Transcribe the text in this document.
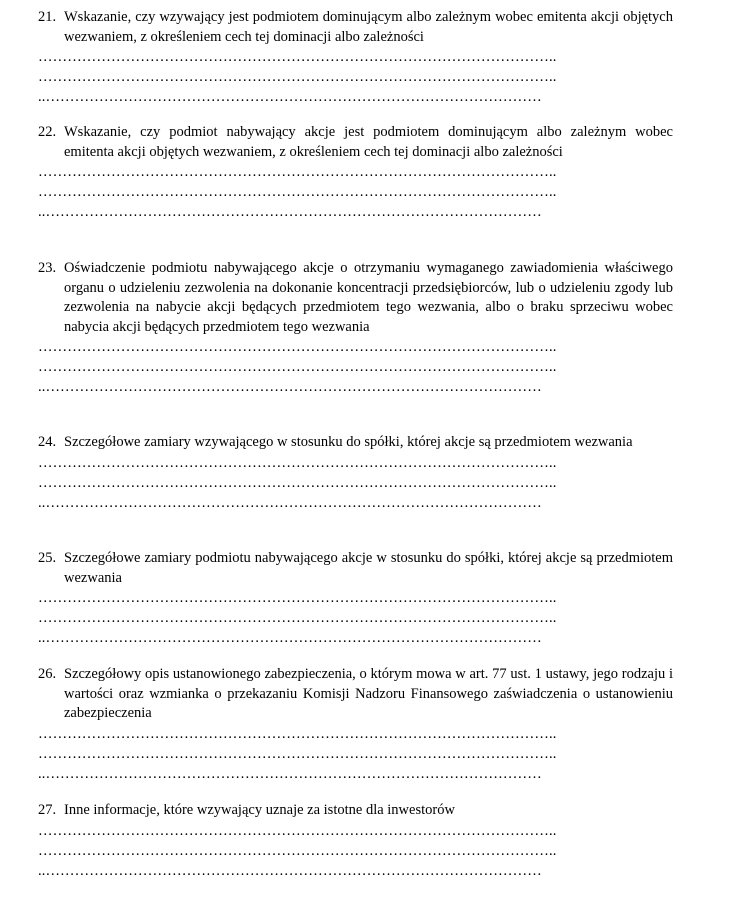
21. Wskazanie, czy wzywający jest podmiotem dominującym albo zależnym wobec emitenta akcji objętych wezwaniem, z określeniem cech tej dominacji albo zależności

……………………………………………………………………………………………..
……………………………………………………………………………………………..
..…………………………………………………………………………………………

22. Wskazanie, czy podmiot nabywający akcje jest podmiotem dominującym albo zależnym wobec emitenta akcji objętych wezwaniem, z określeniem cech tej dominacji albo zależności

……………………………………………………………………………………………..
……………………………………………………………………………………………..
..…………………………………………………………………………………………

23. Oświadczenie podmiotu nabywającego akcje o otrzymaniu wymaganego zawiadomienia właściwego organu o udzieleniu zezwolenia na dokonanie koncentracji przedsiębiorców, lub o udzieleniu zgody lub zezwolenia na nabycie akcji będących przedmiotem tego wezwania, albo o braku sprzeciwu wobec nabycia akcji będących przedmiotem tego wezwania

……………………………………………………………………………………………..
……………………………………………………………………………………………..
..…………………………………………………………………………………………

24. Szczegółowe zamiary wzywającego w stosunku do spółki, której akcje są przedmiotem wezwania

……………………………………………………………………………………………..
……………………………………………………………………………………………..
..…………………………………………………………………………………………

25. Szczegółowe zamiary podmiotu nabywającego akcje w stosunku do spółki, której akcje są przedmiotem wezwania

……………………………………………………………………………………………..
……………………………………………………………………………………………..
..…………………………………………………………………………………………

26. Szczegółowy opis ustanowionego zabezpieczenia, o którym mowa w art. 77 ust. 1 ustawy, jego rodzaju i wartości oraz wzmianka o przekazaniu Komisji Nadzoru Finansowego zaświadczenia o ustanowieniu zabezpieczenia

……………………………………………………………………………………………..
……………………………………………………………………………………………..
..…………………………………………………………………………………………

27. Inne informacje, które wzywający uznaje za istotne dla inwestorów

……………………………………………………………………………………………..
……………………………………………………………………………………………..
..…………………………………………………………………………………………
